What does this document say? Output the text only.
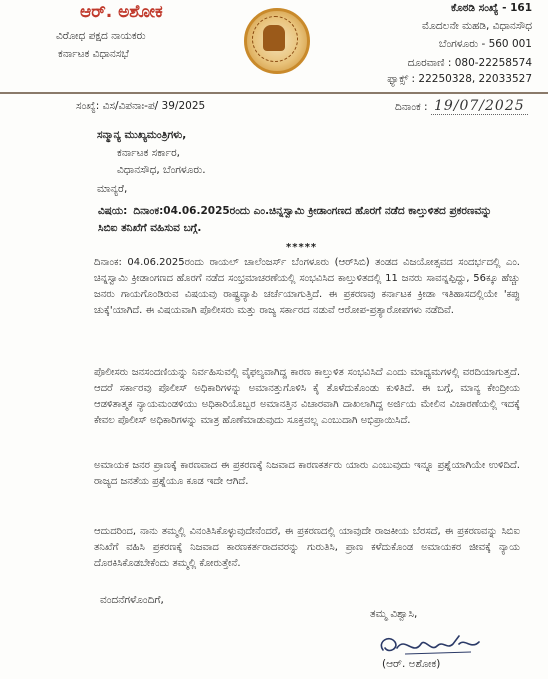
ಆರ್. ಅಶೋಕ
ವಿರೋಧ ಪಕ್ಷದ ನಾಯಕರು
ಕರ್ನಾಟಕ ವಿಧಾನಸಭೆ
ಕೊಠಡಿ ಸಂಖ್ಯೆ - 161
ಮೊದಲನೇ ಮಹಡಿ, ವಿಧಾನಸೌಧ
ಬೆಂಗಳೂರು - 560 001
ದೂರವಾಣಿ : 080-22258574
ಫ್ಯಾಕ್ಸ್ : 22250328, 22033527
ಸಂಖ್ಯೆ: ವಿಸ/ವಿಪನಾಃ-ಪ/ 39/2025	ದಿನಾಂಕ : 19/07/2025
ಸನ್ಮಾನ್ಯ ಮುಖ್ಯಮಂತ್ರಿಗಳು,
ಕರ್ನಾಟಕ ಸರ್ಕಾರ,
ವಿಧಾನಸೌಧ, ಬೆಂಗಳೂರು.
ಮಾನ್ಯರೆ,
ವಿಷಯ: ದಿನಾಂಕ:04.06.2025ರಂದು ಎಂ.ಚಿನ್ನಸ್ವಾಮಿ ಕ್ರೀಡಾಂಗಣದ ಹೊರಗೆ ನಡೆದ ಕಾಲ್ತುಳಿತದ ಪ್ರಕರಣವನ್ನು ಸಿಬಿಐ ತನಿಖೆಗೆ ವಹಿಸುವ ಬಗ್ಗೆ.
*****
ದಿನಾಂಕ: 04.06.2025ರಂದು ರಾಯಲ್ ಚಾಲೆಂಜರ್ಸ್ ಬೆಂಗಳೂರು (ಆರ್‌ಸಿಬಿ) ತಂಡದ ವಿಜಯೋತ್ಸವದ ಸಂದರ್ಭದಲ್ಲಿ ಎಂ. ಚಿನ್ನಸ್ವಾಮಿ ಕ್ರೀಡಾಂಗಣದ ಹೊರಗೆ ನಡೆದ ಸಂಭ್ರಮಾಚರಣೆಯಲ್ಲಿ ಸಂಭವಿಸಿದ ಕಾಲ್ತುಳಿತದಲ್ಲಿ 11 ಜನರು ಸಾವನ್ನಪ್ಪಿದ್ದು, 56ಕ್ಕೂ ಹೆಚ್ಚು ಜನರು ಗಾಯಗೊಂಡಿರುವ ವಿಷಯವು ರಾಷ್ಟ್ರವ್ಯಾಪಿ ಚರ್ಚೆಯಾಗುತ್ತಿದೆ. ಈ ಪ್ರಕರಣವು ಕರ್ನಾಟಕ ಕ್ರೀಡಾ ಇತಿಹಾಸದಲ್ಲಿಯೇ 'ಕಪ್ಪು ಚುಕ್ಕೆ'ಯಾಗಿದೆ. ಈ ವಿಷಯವಾಗಿ ಪೊಲೀಸರು ಮತ್ತು ರಾಜ್ಯ ಸರ್ಕಾರದ ನಡುವೆ ಆರೋಪ-ಪ್ರತ್ಯಾರೋಪಗಳು ನಡೆದಿವೆ.
ಪೊಲೀಸರು ಜನಸಂದಣಿಯನ್ನು ನಿರ್ವಹಿಸುವಲ್ಲಿ ವೈಫಲ್ಯವಾಗಿದ್ದ ಕಾರಣ ಕಾಲ್ತುಳಿತ ಸಂಭವಿಸಿದೆ ಎಂದು ಮಾಧ್ಯಮಗಳಲ್ಲಿ ವರದಿಯಾಗುತ್ತದೆ. ಆದರೆ ಸರ್ಕಾರವು ಪೊಲೀಸ್ ಅಧಿಕಾರಿಗಳನ್ನು ಅಮಾನತ್ತುಗೊಳಿಸಿ ಕೈ ತೊಳೆದುಕೊಂಡು ಕುಳಿತಿದೆ. ಈ ಬಗ್ಗೆ, ಮಾನ್ಯ ಕೇಂದ್ರೀಯ ಆಡಳಿತಾತ್ಮಕ ನ್ಯಾಯಮಂಡಳಿಯು ಅಧಿಕಾರಿಯೊಬ್ಬರ ಅಮಾನತ್ತಿನ ವಿಚಾರವಾಗಿ ದಾಖಲಾಗಿದ್ದ ಅರ್ಜಿಯ ಮೇಲಿನ ವಿಚಾರಣೆಯಲ್ಲಿ ಇದಕ್ಕೆ ಕೇವಲ ಪೊಲೀಸ್ ಅಧಿಕಾರಿಗಳನ್ನು ಮಾತ್ರ ಹೊಣೆಮಾಡುವುದು ಸೂಕ್ತವಲ್ಲ ಎಂಬುದಾಗಿ ಅಭಿಪ್ರಾಯಿಸಿದೆ.
ಅಮಾಯಕ ಜನರ ಪ್ರಾಣಕ್ಕೆ ಕಾರಣವಾದ ಈ ಪ್ರಕರಣಕ್ಕೆ ನಿಜವಾದ ಕಾರಣಕರ್ತರು ಯಾರು ಎಂಬುವುದು ಇನ್ನೂ ಪ್ರಶ್ನೆಯಾಗಿಯೇ ಉಳಿದಿದೆ. ರಾಜ್ಯದ ಜನತೆಯ ಪ್ರಶ್ನೆಯೂ ಕೂಡ ಇದೇ ಆಗಿದೆ.
ಆದುದರಿಂದ, ನಾನು ತಮ್ಮಲ್ಲಿ ವಿನಂತಿಸಿಕೊಳ್ಳುವುದೇನೆಂದರೆ, ಈ ಪ್ರಕರಣದಲ್ಲಿ ಯಾವುದೇ ರಾಜಕೀಯ ಬೆರಸದೆ, ಈ ಪ್ರಕರಣವನ್ನು ಸಿಬಿಐ ತನಿಖೆಗೆ ವಹಿಸಿ ಪ್ರಕರಣಕ್ಕೆ ನಿಜವಾದ ಕಾರಣಕರ್ತರಾದವರನ್ನು ಗುರುತಿಸಿ, ಪ್ರಾಣ ಕಳೆದುಕೊಂಡ ಅಮಾಯಕರ ಜೀವಕ್ಕೆ ನ್ಯಾಯ ದೊರಕಿಸಿಕೊಡಬೇಕೆಂದು ತಮ್ಮಲ್ಲಿ ಕೋರುತ್ತೇನೆ.
ವಂದನೆಗಳೊಂದಿಗೆ,
ತಮ್ಮ ವಿಶ್ವಾಸಿ,
(ಆರ್. ಅಶೋಕ)
